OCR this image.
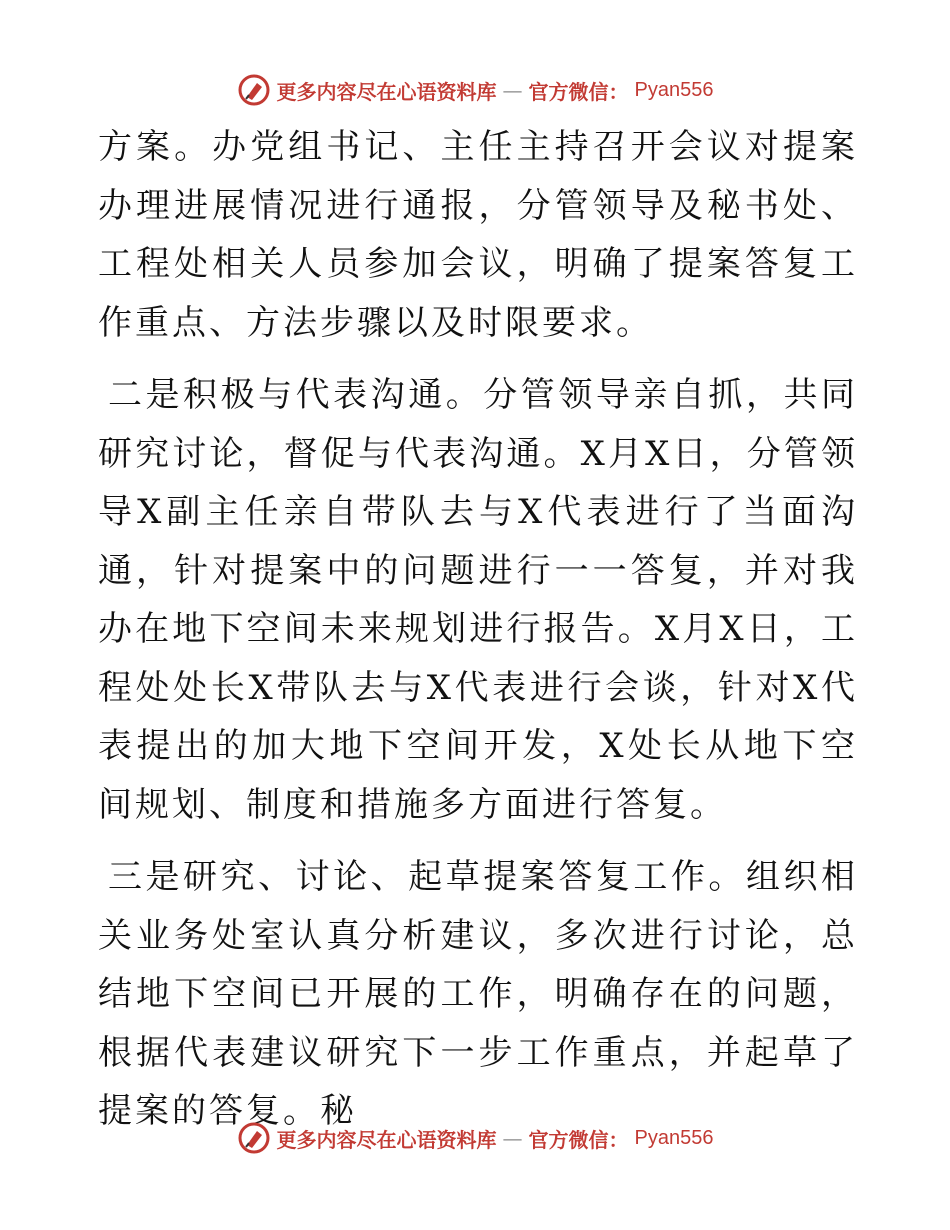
更多内容尽在心语资料库 — 官方微信： Pyan556

方案。办党组书记、主任主持召开会议对提案办理进展情况进行通报，分管领导及秘书处、工程处相关人员参加会议，明确了提案答复工作重点、方法步骤以及时限要求。

二是积极与代表沟通。分管领导亲自抓，共同研究讨论，督促与代表沟通。X月X日，分管领导X副主任亲自带队去与X代表进行了当面沟通，针对提案中的问题进行一一答复，并对我办在地下空间未来规划进行报告。X月X日，工程处处长X带队去与X代表进行会谈，针对X代表提出的加大地下空间开发，X处长从地下空间规划、制度和措施多方面进行答复。

三是研究、讨论、起草提案答复工作。组织相关业务处室认真分析建议，多次进行讨论，总结地下空间已开展的工作，明确存在的问题，根据代表建议研究下一步工作重点，并起草了提案的答复。秘

更多内容尽在心语资料库 — 官方微信： Pyan556
